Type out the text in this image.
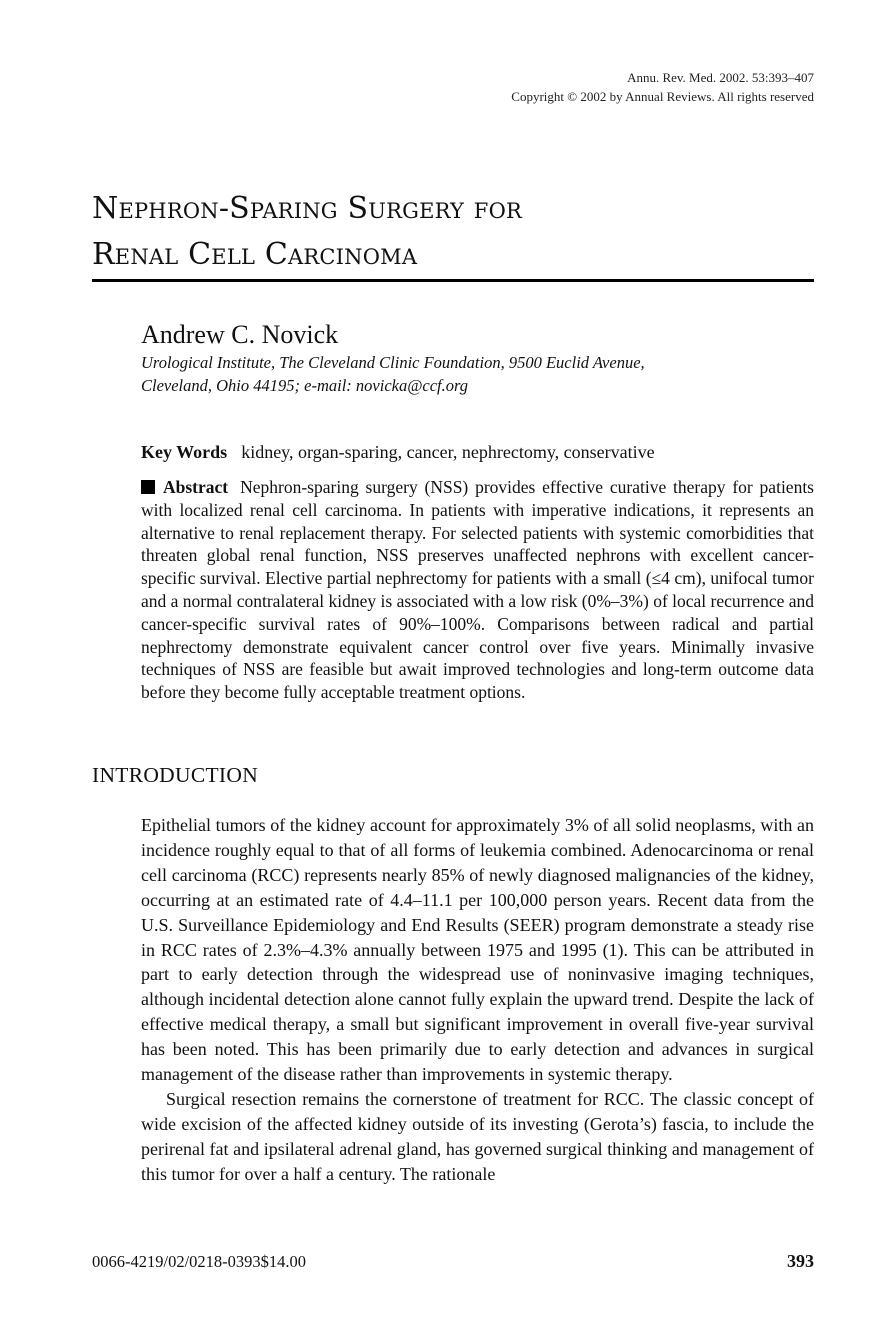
Annu. Rev. Med. 2002. 53:393–407
Copyright © 2002 by Annual Reviews. All rights reserved
Nephron-Sparing Surgery for
Renal Cell Carcinoma
Andrew C. Novick
Urological Institute, The Cleveland Clinic Foundation, 9500 Euclid Avenue,
Cleveland, Ohio 44195; e-mail: novicka@ccf.org
Key Words kidney, organ-sparing, cancer, nephrectomy, conservative
Abstract Nephron-sparing surgery (NSS) provides effective curative therapy for patients with localized renal cell carcinoma. In patients with imperative indications, it represents an alternative to renal replacement therapy. For selected patients with systemic comorbidities that threaten global renal function, NSS preserves unaffected nephrons with excellent cancer-specific survival. Elective partial nephrectomy for patients with a small (≤4 cm), unifocal tumor and a normal contralateral kidney is associated with a low risk (0%–3%) of local recurrence and cancer-specific survival rates of 90%–100%. Comparisons between radical and partial nephrectomy demonstrate equivalent cancer control over five years. Minimally invasive techniques of NSS are feasible but await improved technologies and long-term outcome data before they become fully acceptable treatment options.
INTRODUCTION

Epithelial tumors of the kidney account for approximately 3% of all solid neoplasms, with an incidence roughly equal to that of all forms of leukemia combined. Adenocarcinoma or renal cell carcinoma (RCC) represents nearly 85% of newly diagnosed malignancies of the kidney, occurring at an estimated rate of 4.4–11.1 per 100,000 person years. Recent data from the U.S. Surveillance Epidemiology and End Results (SEER) program demonstrate a steady rise in RCC rates of 2.3%–4.3% annually between 1975 and 1995 (1). This can be attributed in part to early detection through the widespread use of noninvasive imaging techniques, although incidental detection alone cannot fully explain the upward trend. Despite the lack of effective medical therapy, a small but significant improvement in overall five-year survival has been noted. This has been primarily due to early detection and advances in surgical management of the disease rather than improvements in systemic therapy.

Surgical resection remains the cornerstone of treatment for RCC. The classic concept of wide excision of the affected kidney outside of its investing (Gerota’s) fascia, to include the perirenal fat and ipsilateral adrenal gland, has governed surgical thinking and management of this tumor for over a half a century. The rationale

0066-4219/02/0218-0393$14.00	393
